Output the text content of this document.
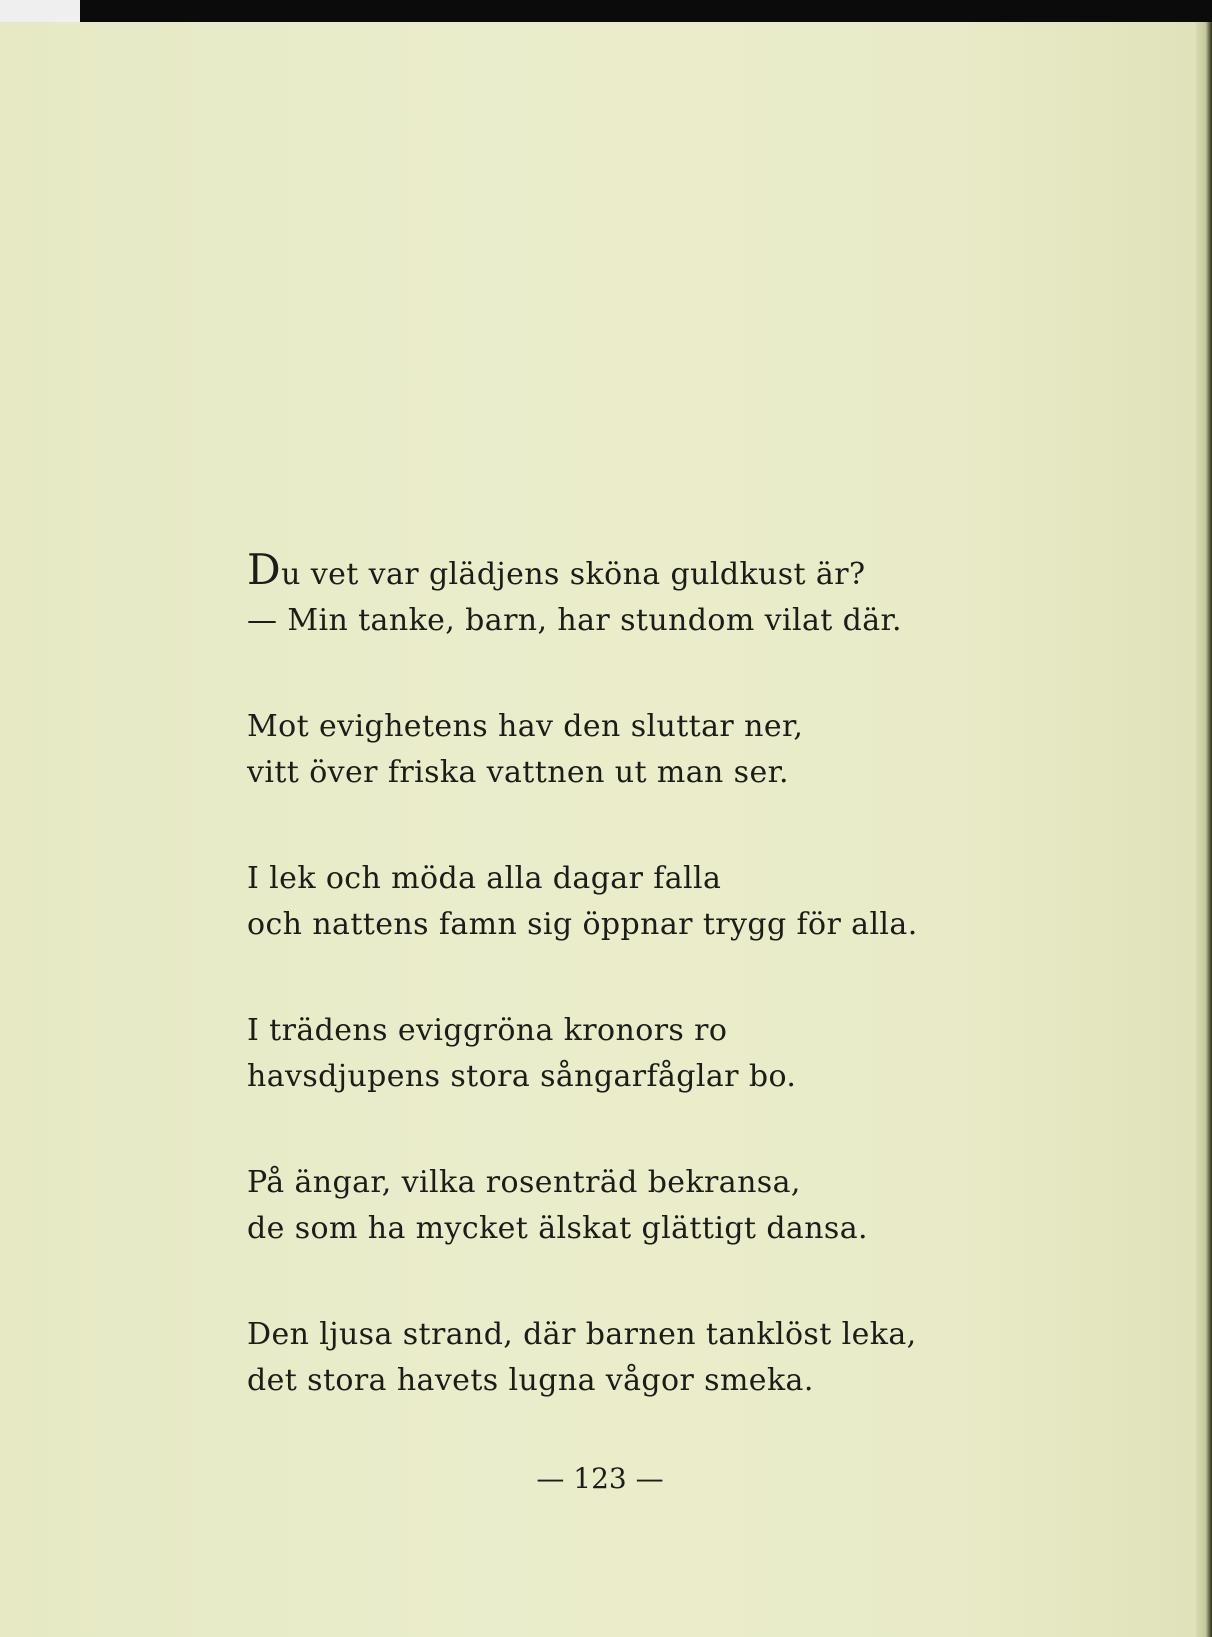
Du vet var glädjens sköna guldkust är?
— Min tanke, barn, har stundom vilat där.
Mot evighetens hav den sluttar ner,
vitt över friska vattnen ut man ser.
I lek och möda alla dagar falla
och nattens famn sig öppnar trygg för alla.
I trädens eviggröna kronors ro
havsdjupens stora sångarfåglar bo.
På ängar, vilka rosenträd bekransa,
de som ha mycket älskat glättigt dansa.
Den ljusa strand, där barnen tanklöst leka,
det stora havets lugna vågor smeka.
— 123 —
